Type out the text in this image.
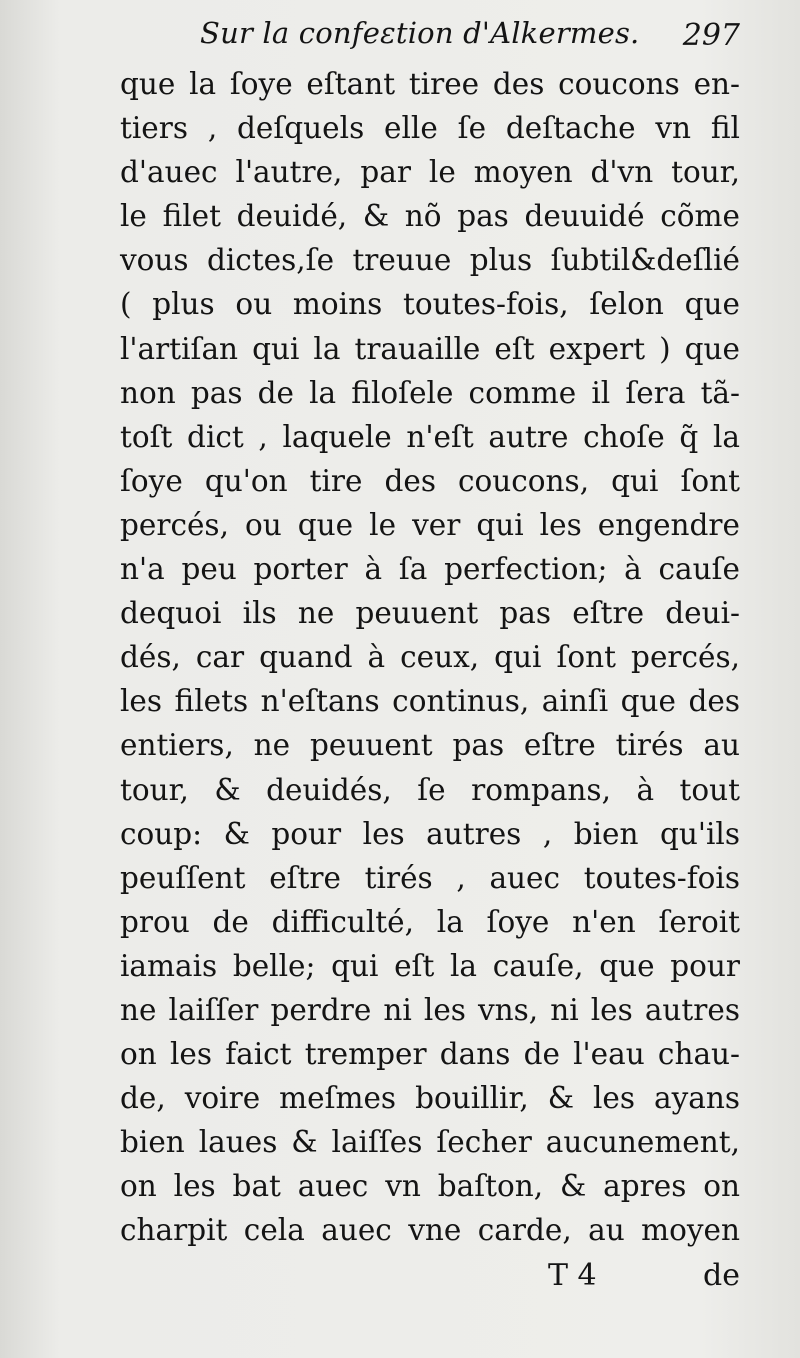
Sur la confeɛtion d'Alkermes. 297
que la ſoye eſtant tiree des coucons en-
tiers , deſquels elle ſe deſtache vn fil
d'auec l'autre, par le moyen d'vn tour,
le filet deuidé, & nõ pas deuuidé cõme
vous dictes,ſe treuue plus ſubtil&deſlié
( plus ou moins toutes-fois, ſelon que
l'artiſan qui la trauaille eſt expert ) que
non pas de la filoſele comme il ſera tã-
toſt dict , laquele n'eſt autre choſe q̃ la
ſoye qu'on tire des coucons, qui ſont
percés, ou que le ver qui les engendre
n'a peu porter à ſa perfection; à cauſe
dequoi ils ne peuuent pas eſtre deui-
dés, car quand à ceux, qui ſont percés,
les filets n'eſtans continus, ainſi que des
entiers, ne peuuent pas eſtre tirés au
tour, & deuidés, ſe rompans, à tout
coup: & pour les autres , bien qu'ils
peuſſent eſtre tirés , auec toutes-fois
prou de difficulté, la ſoye n'en ſeroit
iamais belle; qui eſt la cauſe, que pour
ne laiſſer perdre ni les vns, ni les autres
on les faict tremper dans de l'eau chau-
de, voire meſmes bouillir, & les ayans
bien laues & laiſſes ſecher aucunement,
on les bat auec vn baſton, & apres on
charpit cela auec vne carde, au moyen
T 4	de
